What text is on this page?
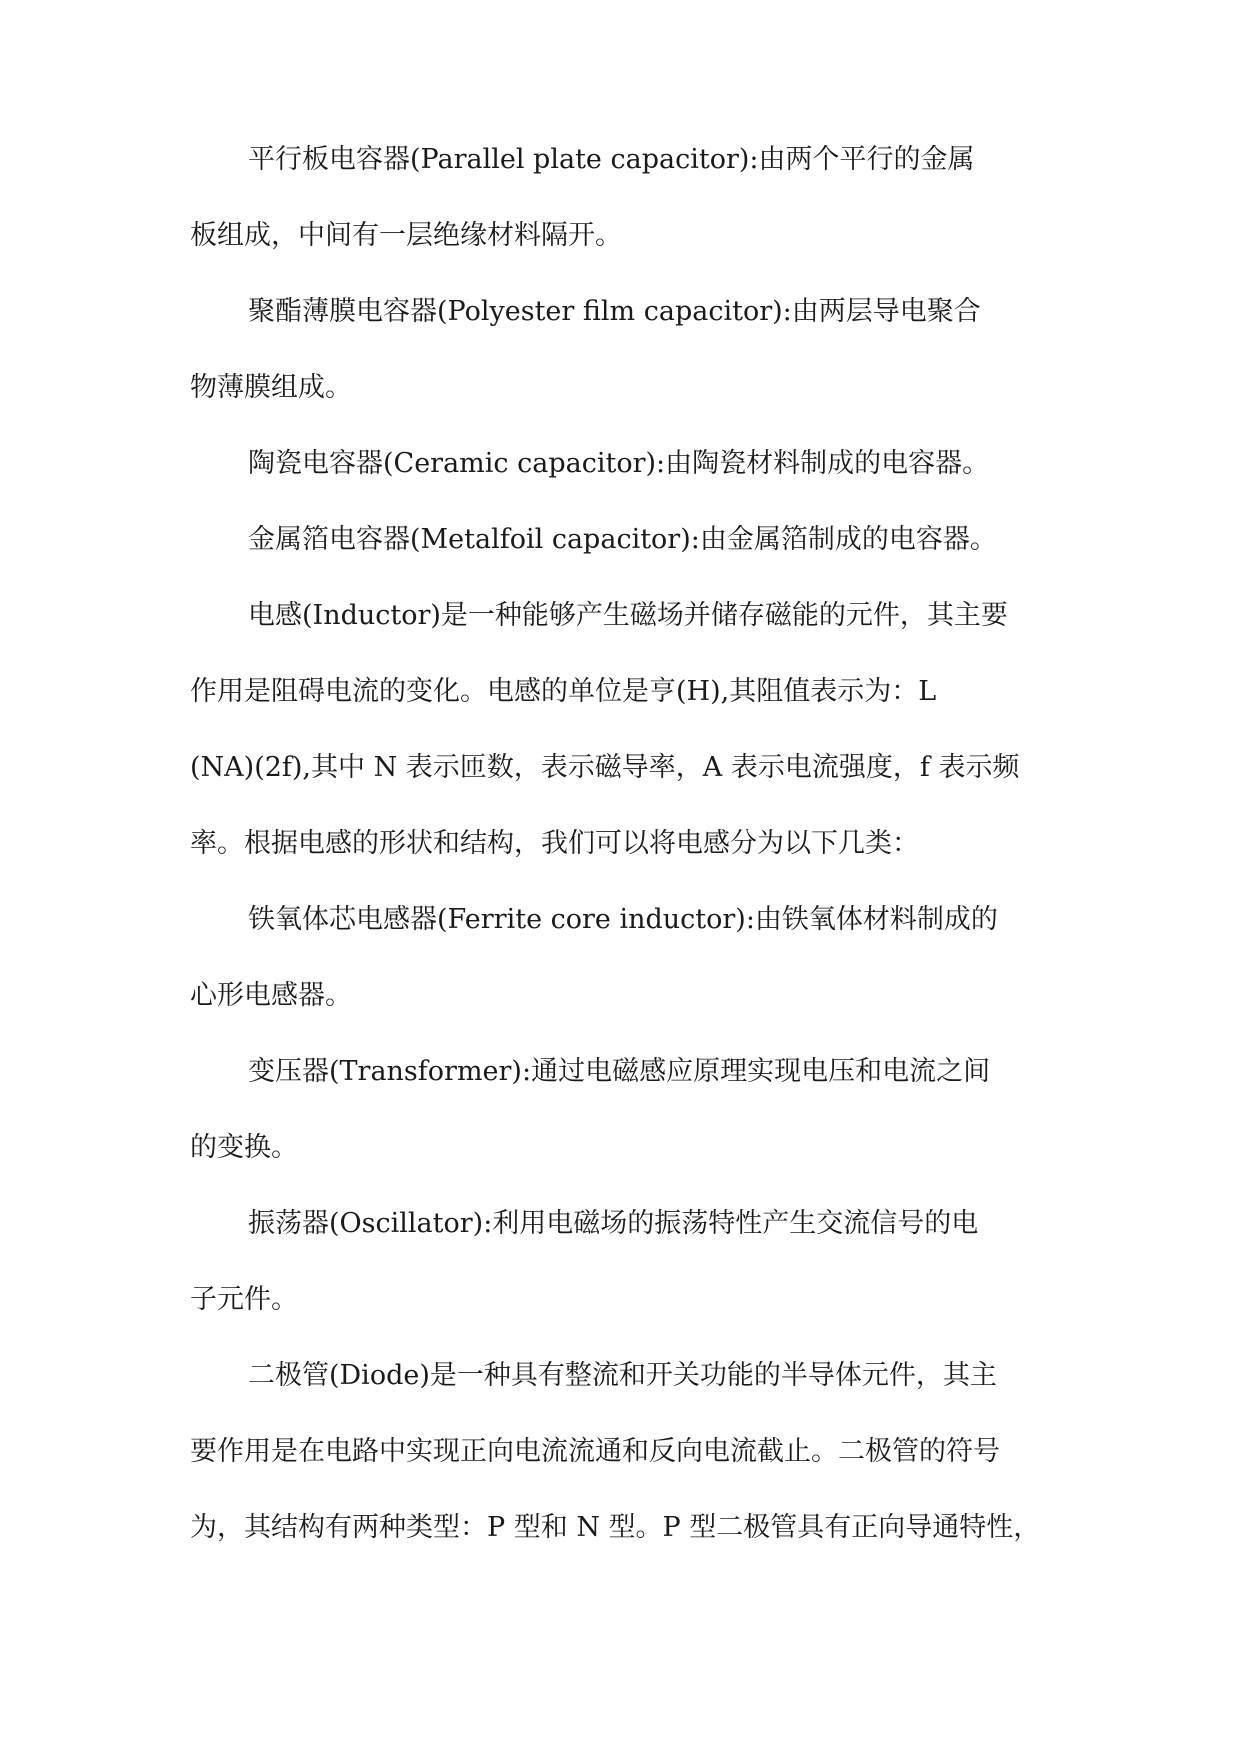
平行板电容器(Parallel plate capacitor):由两个平行的金属
板组成，中间有一层绝缘材料隔开。
聚酯薄膜电容器(Polyester film capacitor):由两层导电聚合
物薄膜组成。
陶瓷电容器(Ceramic capacitor):由陶瓷材料制成的电容器。
金属箔电容器(Metalfoil capacitor):由金属箔制成的电容器。
电感(Inductor)是一种能够产生磁场并储存磁能的元件，其主要
作用是阻碍电流的变化。电感的单位是亨(H),其阻值表示为：L
(NA)(2f),其中 N 表示匝数，表示磁导率，A 表示电流强度，f 表示频
率。根据电感的形状和结构，我们可以将电感分为以下几类：
铁氧体芯电感器(Ferrite core inductor):由铁氧体材料制成的
心形电感器。
变压器(Transformer):通过电磁感应原理实现电压和电流之间
的变换。
振荡器(Oscillator):利用电磁场的振荡特性产生交流信号的电
子元件。
二极管(Diode)是一种具有整流和开关功能的半导体元件，其主
要作用是在电路中实现正向电流流通和反向电流截止。二极管的符号
为，其结构有两种类型：P 型和 N 型。P 型二极管具有正向导通特性，
